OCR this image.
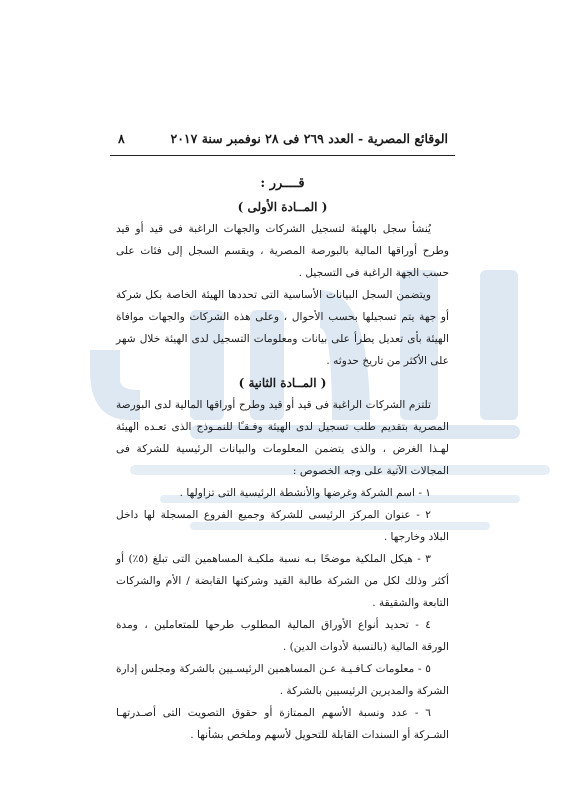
الوقائع المصرية - العدد ٢٦٩ فى ٢٨ نوفمبر سنة ٢٠١٧
٨
قــــرر :
( المــادة الأولى )

يُنشأ سجل بالهيئة لتسجيل الشركات والجهات الراغبة فى قيد أو قيد وطرح أوراقها المالية بالبورصة المصرية ، ويقسم السجل إلى فئات على حسب الجهة الراغبة فى التسجيل .

ويتضمن السجل البيانات الأساسية التى تحددها الهيئة الخاصة بكل شركة أو جهة يتم تسجيلها بحسب الأحوال ، وعلى هذه الشركات والجهات موافاة الهيئة بأى تعديل يطرأ على بيانات ومعلومات التسجيل لدى الهيئة خلال شهر على الأكثر من تاريخ حدوثه .

( المــادة الثانية )

تلتزم الشركات الراغبة فى قيد أو قيد وطرح أوراقها المالية لدى البورصة المصرية بتقديم طلب تسجيل لدى الهيئة وفـقـًا للنمـوذج الذى تعـده الهيئة لهـذا الغرض ، والذى يتضمن المعلومات والبيانات الرئيسية للشركة فى المجالات الآتية على وجه الخصوص :

١ - اسم الشركة وغرضها والأنشطة الرئيسية التى تزاولها .

٢ - عنوان المركز الرئيسى للشركة وجميع الفروع المسجلة لها داخل البلاد وخارجها .

٣ - هيكل الملكية موضحًا بـه نسبة ملكيـة المساهمين التى تبلغ (٥٪) أو أكثر وذلك لكل من الشركة طالبة القيد وشركتها القابضة / الأم والشركات التابعة والشقيقة .

٤ - تحديد أنواع الأوراق المالية المطلوب طرحها للمتعاملين ، ومدة الورقة المالية (بالنسبة لأدوات الدين) .

٥ - معلومات كـافـيـة عـن المساهمين الرئيسـيين بالشركة ومجلس إدارة الشركة والمديرين الرئيسيين بالشركة .

٦ - عدد ونسبة الأسهم الممتازة أو حقوق التصويت التى أصـدرتهـا الشـركة أو السندات القابلة للتحويل لأسهم وملخص بشأنها .
